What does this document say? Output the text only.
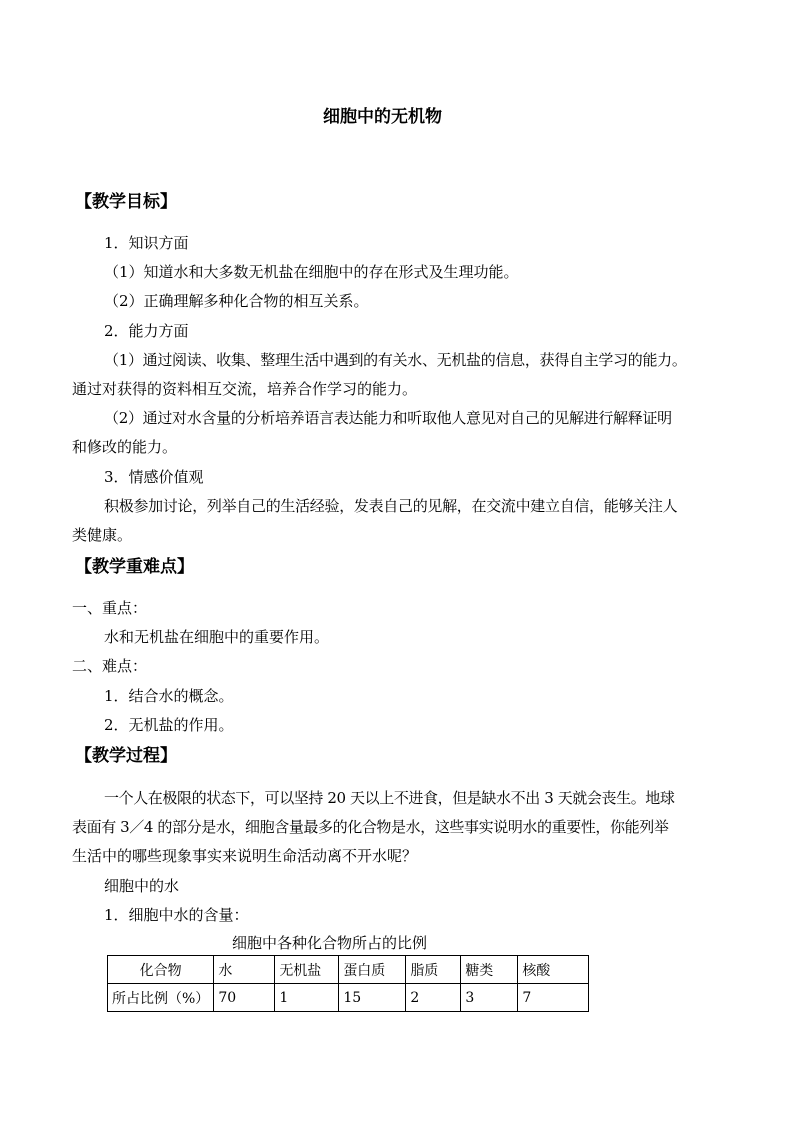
细胞中的无机物
【教学目标】
1．知识方面
（1）知道水和大多数无机盐在细胞中的存在形式及生理功能。
（2）正确理解多种化合物的相互关系。
2．能力方面
（1）通过阅读、收集、整理生活中遇到的有关水、无机盐的信息，获得自主学习的能力。
通过对获得的资料相互交流，培养合作学习的能力。
（2）通过对水含量的分析培养语言表达能力和听取他人意见对自己的见解进行解释证明
和修改的能力。
3．情感价值观
积极参加讨论，列举自己的生活经验，发表自己的见解，在交流中建立自信，能够关注人
类健康。
【教学重难点】
一、重点：
水和无机盐在细胞中的重要作用。
二、难点：
1．结合水的概念。
2．无机盐的作用。
【教学过程】
一个人在极限的状态下，可以坚持 20 天以上不进食，但是缺水不出 3 天就会丧生。地球
表面有 3／4 的部分是水，细胞含量最多的化合物是水，这些事实说明水的重要性，你能列举
生活中的哪些现象事实来说明生命活动离不开水呢？
细胞中的水
1．细胞中水的含量：
细胞中各种化合物所占的比例
化合物	水	无机盐	蛋白质	脂质	糖类	核酸
所占比例（%）	70	1	15	2	3	7
